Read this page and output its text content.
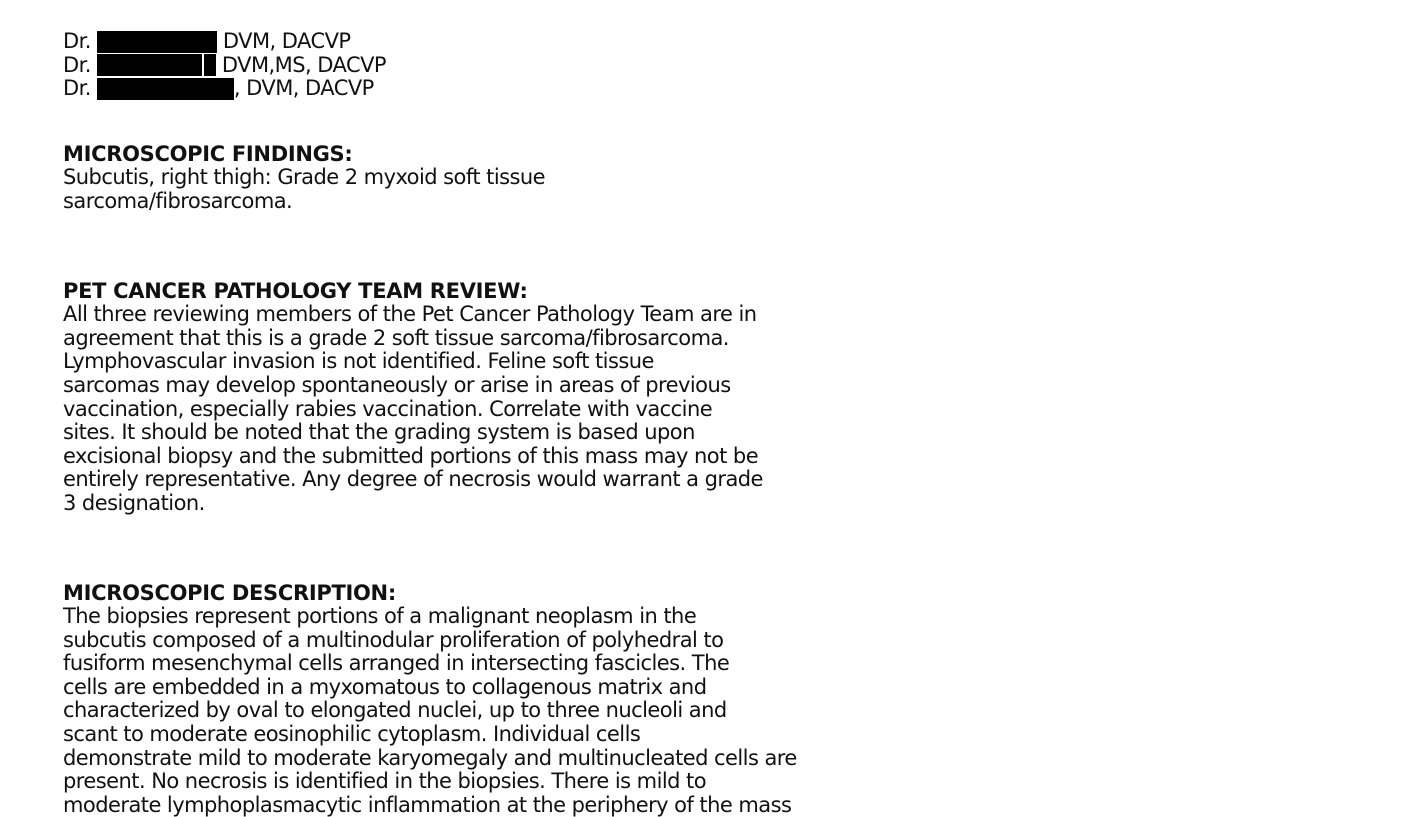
Dr.	DVM, DACVP
Dr.	DVM,MS, DACVP
Dr.	, DVM, DACVP
MICROSCOPIC FINDINGS:
Subcutis, right thigh: Grade 2 myxoid soft tissue
sarcoma/fibrosarcoma.
PET CANCER PATHOLOGY TEAM REVIEW:
All three reviewing members of the Pet Cancer Pathology Team are in
agreement that this is a grade 2 soft tissue sarcoma/fibrosarcoma.
Lymphovascular invasion is not identified. Feline soft tissue
sarcomas may develop spontaneously or arise in areas of previous
vaccination, especially rabies vaccination. Correlate with vaccine
sites. It should be noted that the grading system is based upon
excisional biopsy and the submitted portions of this mass may not be
entirely representative. Any degree of necrosis would warrant a grade
3 designation.
MICROSCOPIC DESCRIPTION:
The biopsies represent portions of a malignant neoplasm in the
subcutis composed of a multinodular proliferation of polyhedral to
fusiform mesenchymal cells arranged in intersecting fascicles. The
cells are embedded in a myxomatous to collagenous matrix and
characterized by oval to elongated nuclei, up to three nucleoli and
scant to moderate eosinophilic cytoplasm. Individual cells
demonstrate mild to moderate karyomegaly and multinucleated cells are
present. No necrosis is identified in the biopsies. There is mild to
moderate lymphoplasmacytic inflammation at the periphery of the mass
